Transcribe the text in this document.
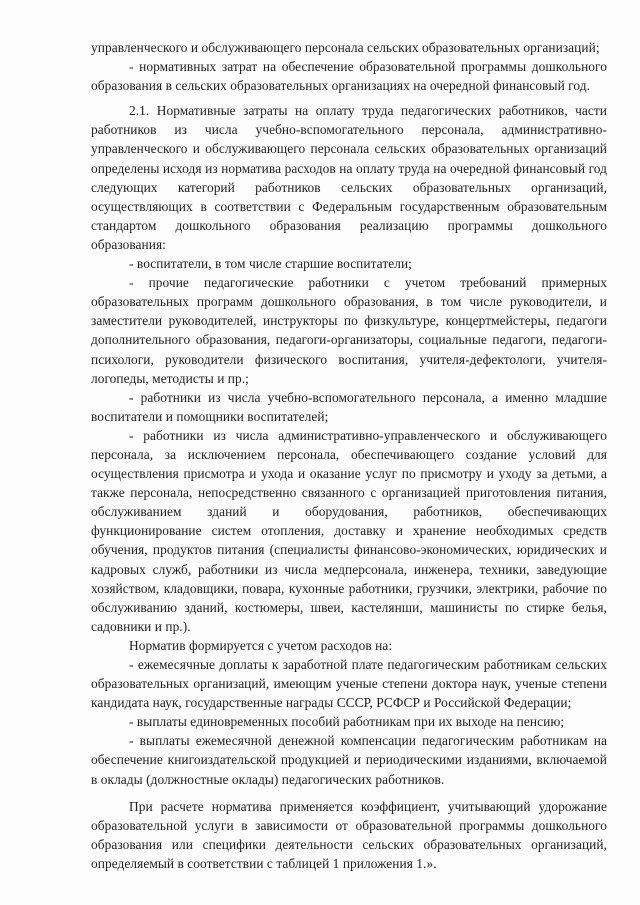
управленческого и обслуживающего персонала сельских образовательных организаций;

- нормативных затрат на обеспечение образовательной программы дошкольного образования в сельских образовательных организациях на очередной финансовый год.

2.1. Нормативные затраты на оплату труда педагогических работников, части работников из числа учебно-вспомогательного персонала, административно-управленческого и обслуживающего персонала сельских образовательных организаций определены исходя из норматива расходов на оплату труда на очередной финансовый год следующих категорий работников сельских образовательных организаций, осуществляющих в соответствии с Федеральным государственным образовательным стандартом дошкольного образования реализацию программы дошкольного образования:

- воспитатели, в том числе старшие воспитатели;

- прочие педагогические работники с учетом требований примерных образовательных программ дошкольного образования, в том числе руководители, и заместители руководителей, инструкторы по физкультуре, концертмейстеры, педагоги дополнительного образования, педагоги-организаторы, социальные педагоги, педагоги-психологи, руководители физического воспитания, учителя-дефектологи, учителя-логопеды, методисты и пр.;

- работники из числа учебно-вспомогательного персонала, а именно младшие воспитатели и помощники воспитателей;

- работники из числа административно-управленческого и обслуживающего персонала, за исключением персонала, обеспечивающего создание условий для осуществления присмотра и ухода и оказание услуг по присмотру и уходу за детьми, а также персонала, непосредственно связанного с организацией приготовления питания, обслуживанием зданий и оборудования, работников, обеспечивающих функционирование систем отопления, доставку и хранение необходимых средств обучения, продуктов питания (специалисты финансово-экономических, юридических и кадровых служб, работники из числа медперсонала, инженера, техники, заведующие хозяйством, кладовщики, повара, кухонные работники, грузчики, электрики, рабочие по обслуживанию зданий, костюмеры, швеи, кастелянши, машинисты по стирке белья, садовники и пр.).

Норматив формируется с учетом расходов на:

- ежемесячные доплаты к заработной плате педагогическим работникам сельских образовательных организаций, имеющим ученые степени доктора наук, ученые степени кандидата наук, государственные награды СССР, РСФСР и Российской Федерации;

- выплаты единовременных пособий работникам при их выходе на пенсию;

- выплаты ежемесячной денежной компенсации педагогическим работникам на обеспечение книгоиздательской продукцией и периодическими изданиями, включаемой в оклады (должностные оклады) педагогических работников.

При расчете норматива применяется коэффициент, учитывающий удорожание образовательной услуги в зависимости от образовательной программы дошкольного образования или специфики деятельности сельских образовательных организаций, определяемый в соответствии с таблицей 1 приложения 1.».
